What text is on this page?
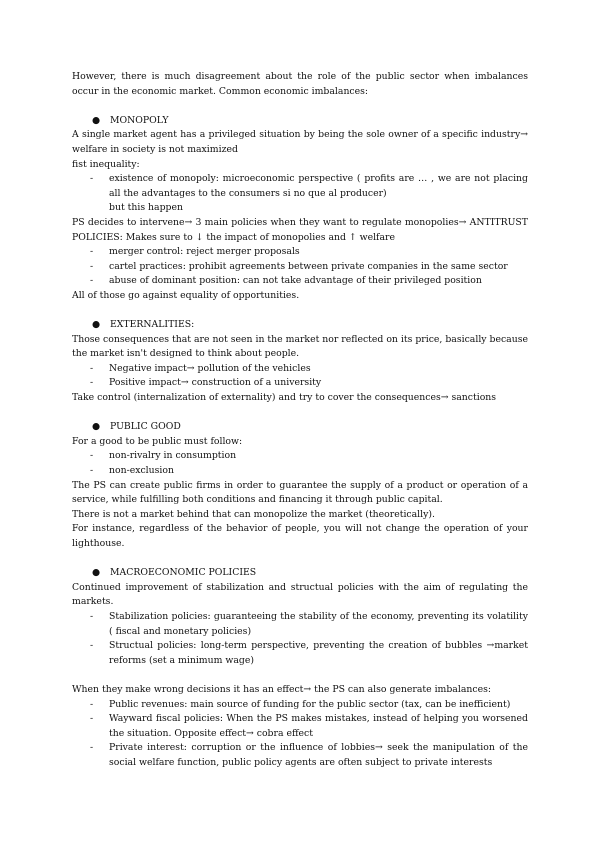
However, there is much disagreement about the role of the public sector when imbalances occur in the economic market. Common economic imbalances:

●	MONOPOLY

A single market agent has a privileged situation by being the sole owner of a specific industry→ welfare in society is not maximized

fist inequality:

- existence of monopoly: microeconomic perspective ( profits are … , we are not placing all the advantages to the consumers si no que al producer)

but this happen

PS decides to intervene→ 3 main policies when they want to regulate monopolies→ ANTITRUST POLICIES: Makes sure to ↓ the impact of monopolies and ↑ welfare

- merger control: reject merger proposals

- cartel practices: prohibit agreements between private companies in the same sector

- abuse of dominant position: can not take advantage of their privileged position

All of those go against equality of opportunities.

●	EXTERNALITIES:

Those consequences that are not seen in the market nor reflected on its price, basically because the market isn't designed to think about people.

- Negative impact→ pollution of the vehicles

- Positive impact→ construction of a university

Take control (internalization of externality) and try to cover the consequences→ sanctions

●	PUBLIC GOOD

For a good to be public must follow:

- non-rivalry in consumption

- non-exclusion

The PS can create public firms in order to guarantee the supply of a product or operation of a service, while fulfilling both conditions and financing it through public capital.

There is not a market behind that can monopolize the market (theoretically).

For instance, regardless of the behavior of people, you will not change the operation of your lighthouse.

●	MACROECONOMIC POLICIES

Continued improvement of stabilization and structual policies with the aim of regulating the markets.

- Stabilization policies: guaranteeing the stability of the economy, preventing its volatility ( fiscal and monetary policies)

- Structual policies: long-term perspective, preventing the creation of bubbles →market reforms (set a minimum wage)

When they make wrong decisions it has an effect→ the PS can also generate imbalances:

- Public revenues: main source of funding for the public sector (tax, can be inefficient)

- Wayward fiscal policies: When the PS makes mistakes, instead of helping you worsened the situation. Opposite effect→ cobra effect

- Private interest: corruption or the influence of lobbies→ seek the manipulation of the social welfare function, public policy agents are often subject to private interests
